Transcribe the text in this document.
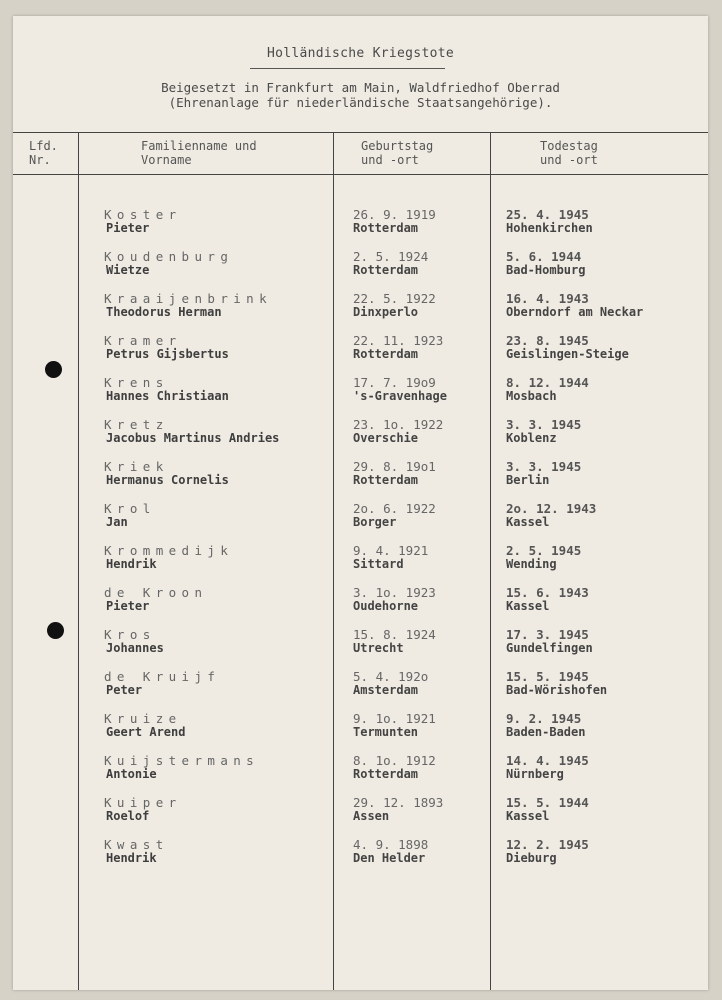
Holländische Kriegstote
Beigesetzt in Frankfurt am Main, Waldfriedhof Oberrad
(Ehrenanlage für niederländische Staatsangehörige).
Lfd.
Nr.
Familienname und
Vorname
Geburtstag
und -ort
Todestag
und -ort
Koster
Pieter
26. 9. 1919
Rotterdam
25. 4. 1945
Hohenkirchen
Koudenburg
Wietze
2. 5. 1924
Rotterdam
5. 6. 1944
Bad-Homburg
Kraaijenbrink
Theodorus Herman
22. 5. 1922
Dinxperlo
16. 4. 1943
Oberndorf am Neckar
Kramer
Petrus Gijsbertus
22. 11. 1923
Rotterdam
23. 8. 1945
Geislingen-Steige
Krens
Hannes Christiaan
17. 7. 19o9
's-Gravenhage
8. 12. 1944
Mosbach
Kretz
Jacobus Martinus Andries
23. 1o. 1922
Overschie
3. 3. 1945
Koblenz
Kriek
Hermanus Cornelis
29. 8. 19o1
Rotterdam
3. 3. 1945
Berlin
Krol
Jan
2o. 6. 1922
Borger
2o. 12. 1943
Kassel
Krommedijk
Hendrik
9. 4. 1921
Sittard
2. 5. 1945
Wending
de Kroon
Pieter
3. 1o. 1923
Oudehorne
15. 6. 1943
Kassel
Kros
Johannes
15. 8. 1924
Utrecht
17. 3. 1945
Gundelfingen
de Kruijf
Peter
5. 4. 192o
Amsterdam
15. 5. 1945
Bad-Wörishofen
Kruize
Geert Arend
9. 1o. 1921
Termunten
9. 2. 1945
Baden-Baden
Kuijstermans
Antonie
8. 1o. 1912
Rotterdam
14. 4. 1945
Nürnberg
Kuiper
Roelof
29. 12. 1893
Assen
15. 5. 1944
Kassel
Kwast
Hendrik
4. 9. 1898
Den Helder
12. 2. 1945
Dieburg
